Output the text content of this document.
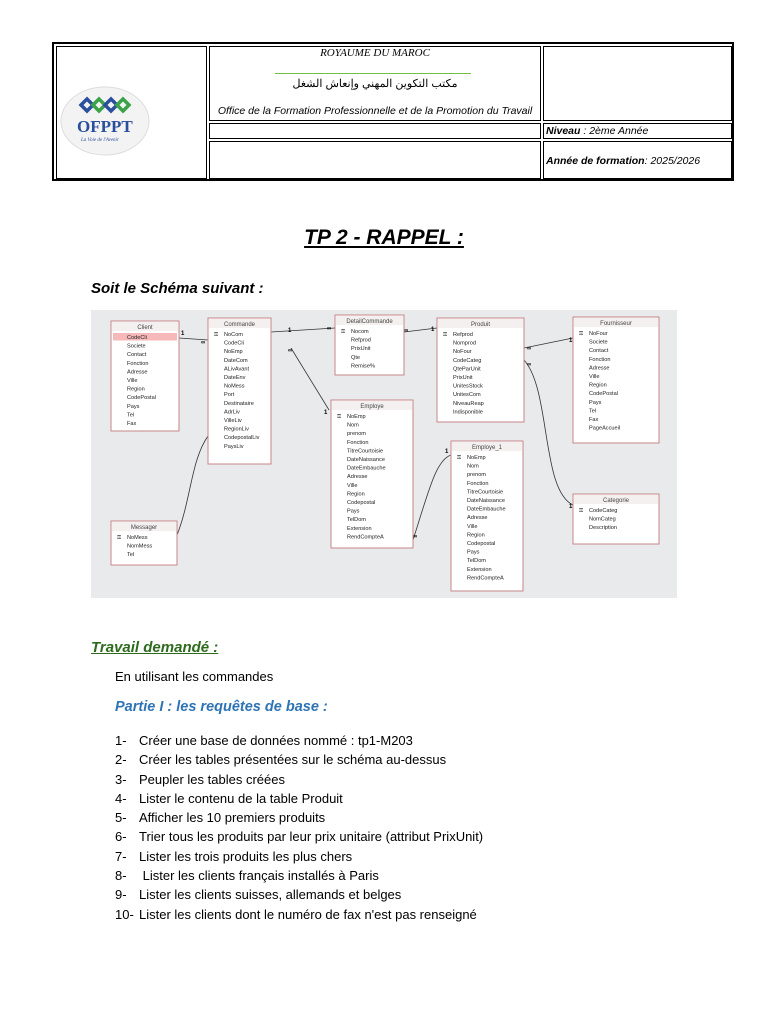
OFPPT
La Voie de l'Avenir
ROYAUME DU MAROC
مكتب التكوين المهني وإنعاش الشغل
Office de la Formation Professionnelle et de la Promotion du Travail
Niveau : 2ème Année
Année de formation: 2025/2026
TP 2 - RAPPEL :
Soit le Schéma suivant :
1
∞
1	∞	∞	1
∞
1
∞
1
∞
1
∞
1
Client
CodeCli
Societe
Contact
Fonction
Adresse
Ville
Region
CodePostal
Pays
Tel
Fax
Commande
⚿ NoCom
CodeCli
NoEmp
DateCom
ALivAvant
DateEnv
NoMess
Port
Destinataire
AdrLiv
VilleLiv
RegionLiv
CodepostalLiv
PaysLiv
DetailCommande
⚿ Nocom
Refprod
PrixUnit
Qte
Remise%
Produit
⚿ Refprod
Nomprod
NoFour
CodeCateg
QteParUnit
PrixUnit
UnitesStock
UnitesCom
NiveauReap
Indisponible
Fournisseur
⚿ NoFour
Societe
Contact
Fonction
Adresse
Ville
Region
CodePostal
Pays
Tel
Fax
PageAccueil
Employe
⚿ NoEmp
Nom
prenom
Fonction
TitreCourtoisie
DateNaissance
DateEmbauche
Adresse
Ville
Region
Codepostal
Pays
TelDom
Extension
RendCompteA
Employe_1
⚿ NoEmp
Nom
prenom
Fonction
TitreCourtoisie
DateNaissance
DateEmbauche
Adresse
Ville
Region
Codepostal
Pays
TelDom
Extension
RendCompteA
Messager
⚿ NoMess
NomMess
Tel
Categorie
⚿ CodeCateg
NomCateg
Description
Travail demandé :
En utilisant les commandes
Partie I : les requêtes de base :
1- Créer une base de données nommé : tp1-M203
2- Créer les tables présentées sur le schéma au-dessus
3- Peupler les tables créées
4- Lister le contenu de la table Produit
5- Afficher les 10 premiers produits
6- Trier tous les produits par leur prix unitaire (attribut PrixUnit)
7- Lister les trois produits les plus chers
8- Lister les clients français installés à Paris
9- Lister les clients suisses, allemands et belges
10- Lister les clients dont le numéro de fax n'est pas renseigné
